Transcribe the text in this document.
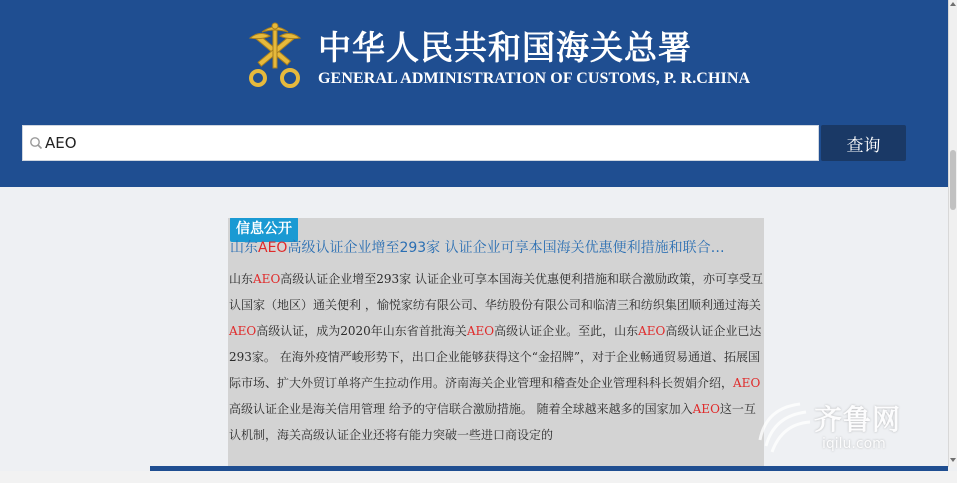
中华人民共和国海关总署
GENERAL ADMINISTRATION OF CUSTOMS, P. R.CHINA
AEO
查询
信息公开
山东AEO高级认证企业增至293家 认证企业可享本国海关优惠便利措施和联合…
山东AEO高级认证企业增至293家 认证企业可享本国海关优惠便利措施和联合激励政策，亦可享受互认国家（地区）通关便利 ，愉悦家纺有限公司、华纺股份有限公司和临清三和纺织集团顺利通过海关AEO高级认证，成为2020年山东省首批海关AEO高级认证企业。至此，山东AEO高级认证企业已达293家。 在海外疫情严峻形势下，出口企业能够获得这个“金招牌”，对于企业畅通贸易通道、拓展国际市场、扩大外贸订单将产生拉动作用。济南海关企业管理和稽查处企业管理科科长贺娟介绍，AEO高级认证企业是海关信用管理 给予的守信联合激励措施。 随着全球越来越多的国家加入AEO这一互认机制，海关高级认证企业还将有能力突破一些进口商设定的	齐鲁网
iqilu.com
